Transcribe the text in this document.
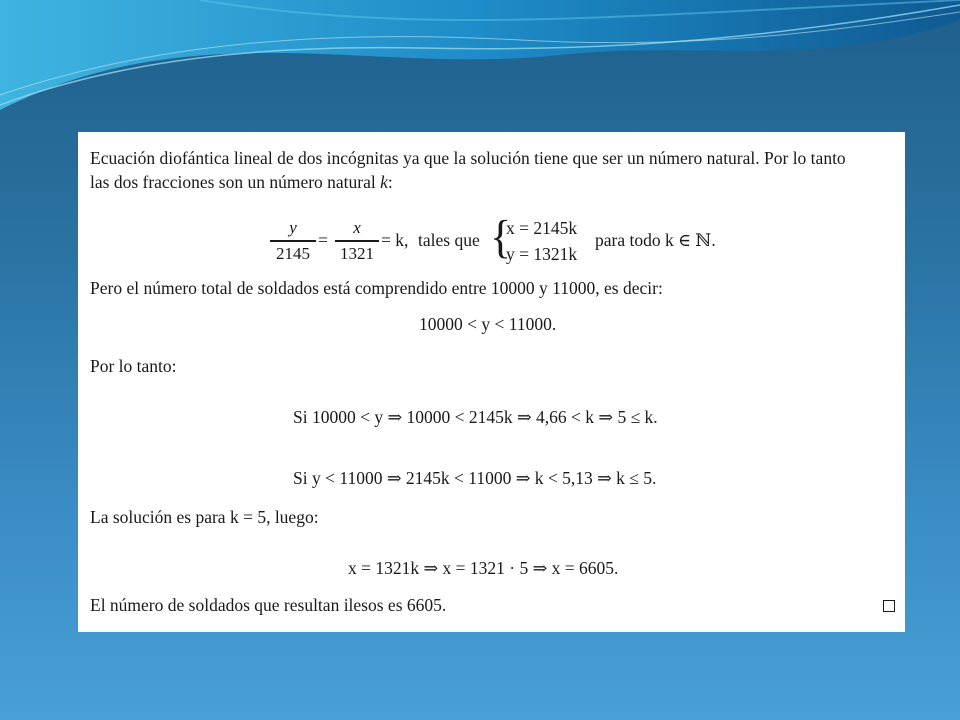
Ecuación diofántica lineal de dos incógnitas ya que la solución tiene que ser un número natural. Por lo tanto
las dos fracciones son un número natural k:
y
2145
=
x
1321
= k, tales que {
x = 2145k
y = 1321k
para todo k ∈ ℕ.
Pero el número total de soldados está comprendido entre 10000 y 11000, es decir:
10000 < y < 11000.
Por lo tanto:
Si 10000 < y ⇒ 10000 < 2145k ⇒ 4,66 < k ⇒ 5 ≤ k.
Si y < 11000 ⇒ 2145k < 11000 ⇒ k < 5,13 ⇒ k ≤ 5.
La solución es para k = 5, luego:
x = 1321k ⇒ x = 1321 · 5 ⇒ x = 6605.
El número de soldados que resultan ilesos es 6605.
